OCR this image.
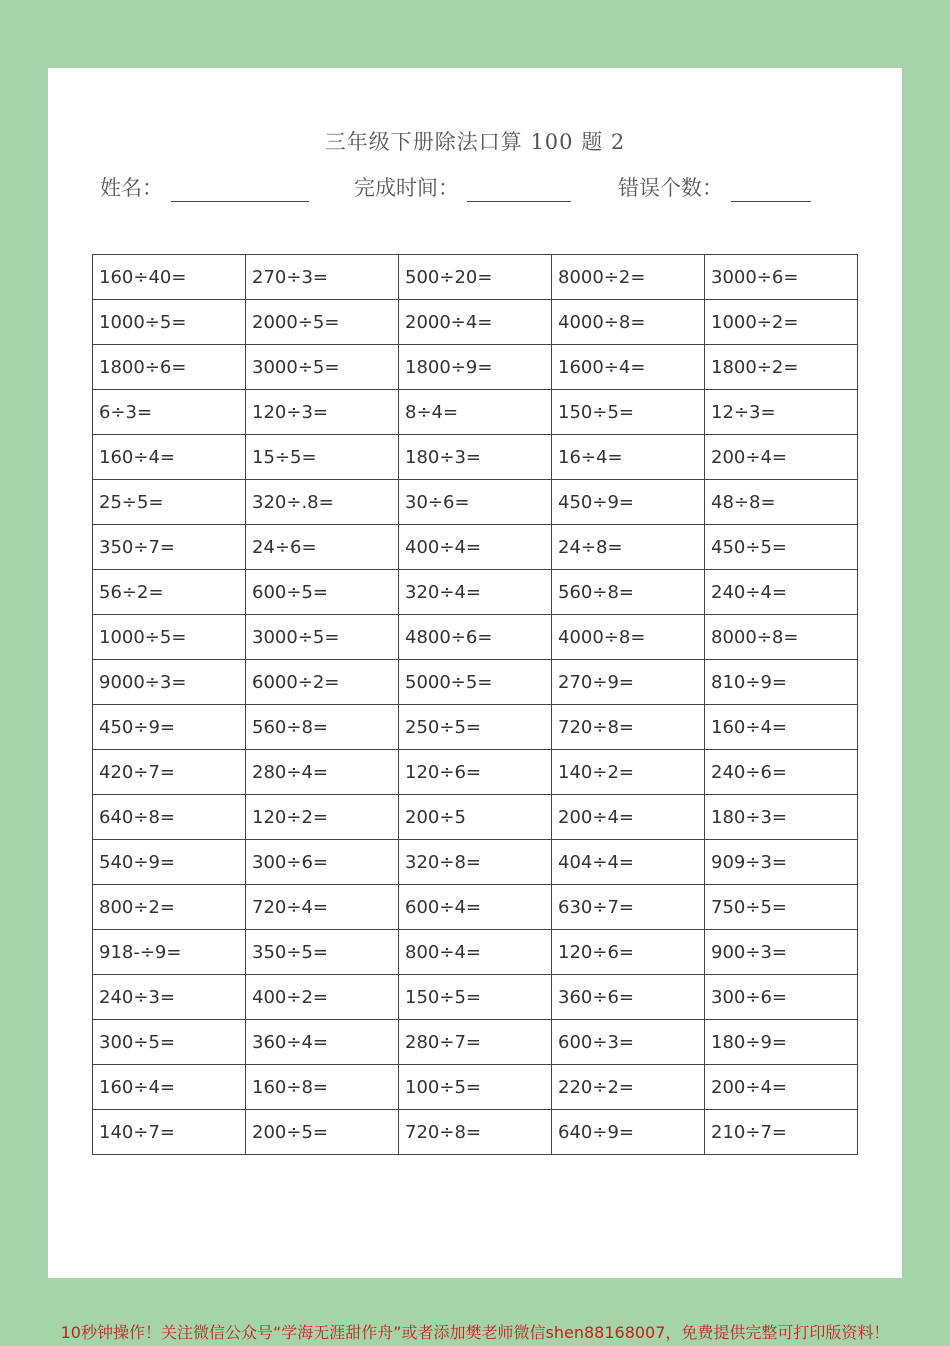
三年级下册除法口算 100 题 2
姓名：	完成时间：	错误个数：
160÷40=	270÷3=	500÷20=	8000÷2=	3000÷6=
1000÷5=	2000÷5=	2000÷4=	4000÷8=	1000÷2=
1800÷6=	3000÷5=	1800÷9=	1600÷4=	1800÷2=
6÷3=	120÷3=	8÷4=	150÷5=	12÷3=
160÷4=	15÷5=	180÷3=	16÷4=	200÷4=
25÷5=	320÷.8=	30÷6=	450÷9=	48÷8=
350÷7=	24÷6=	400÷4=	24÷8=	450÷5=
56÷2=	600÷5=	320÷4=	560÷8=	240÷4=
1000÷5=	3000÷5=	4800÷6=	4000÷8=	8000÷8=
9000÷3=	6000÷2=	5000÷5=	270÷9=	810÷9=
450÷9=	560÷8=	250÷5=	720÷8=	160÷4=
420÷7=	280÷4=	120÷6=	140÷2=	240÷6=
640÷8=	120÷2=	200÷5	200÷4=	180÷3=
540÷9=	300÷6=	320÷8=	404÷4=	909÷3=
800÷2=	720÷4=	600÷4=	630÷7=	750÷5=
918-÷9=	350÷5=	800÷4=	120÷6=	900÷3=
240÷3=	400÷2=	150÷5=	360÷6=	300÷6=
300÷5=	360÷4=	280÷7=	600÷3=	180÷9=
160÷4=	160÷8=	100÷5=	220÷2=	200÷4=
140÷7=	200÷5=	720÷8=	640÷9=	210÷7=
10秒钟操作！关注微信公众号“学海无涯甜作舟”或者添加樊老师微信shen88168007，免费提供完整可打印版资料！
